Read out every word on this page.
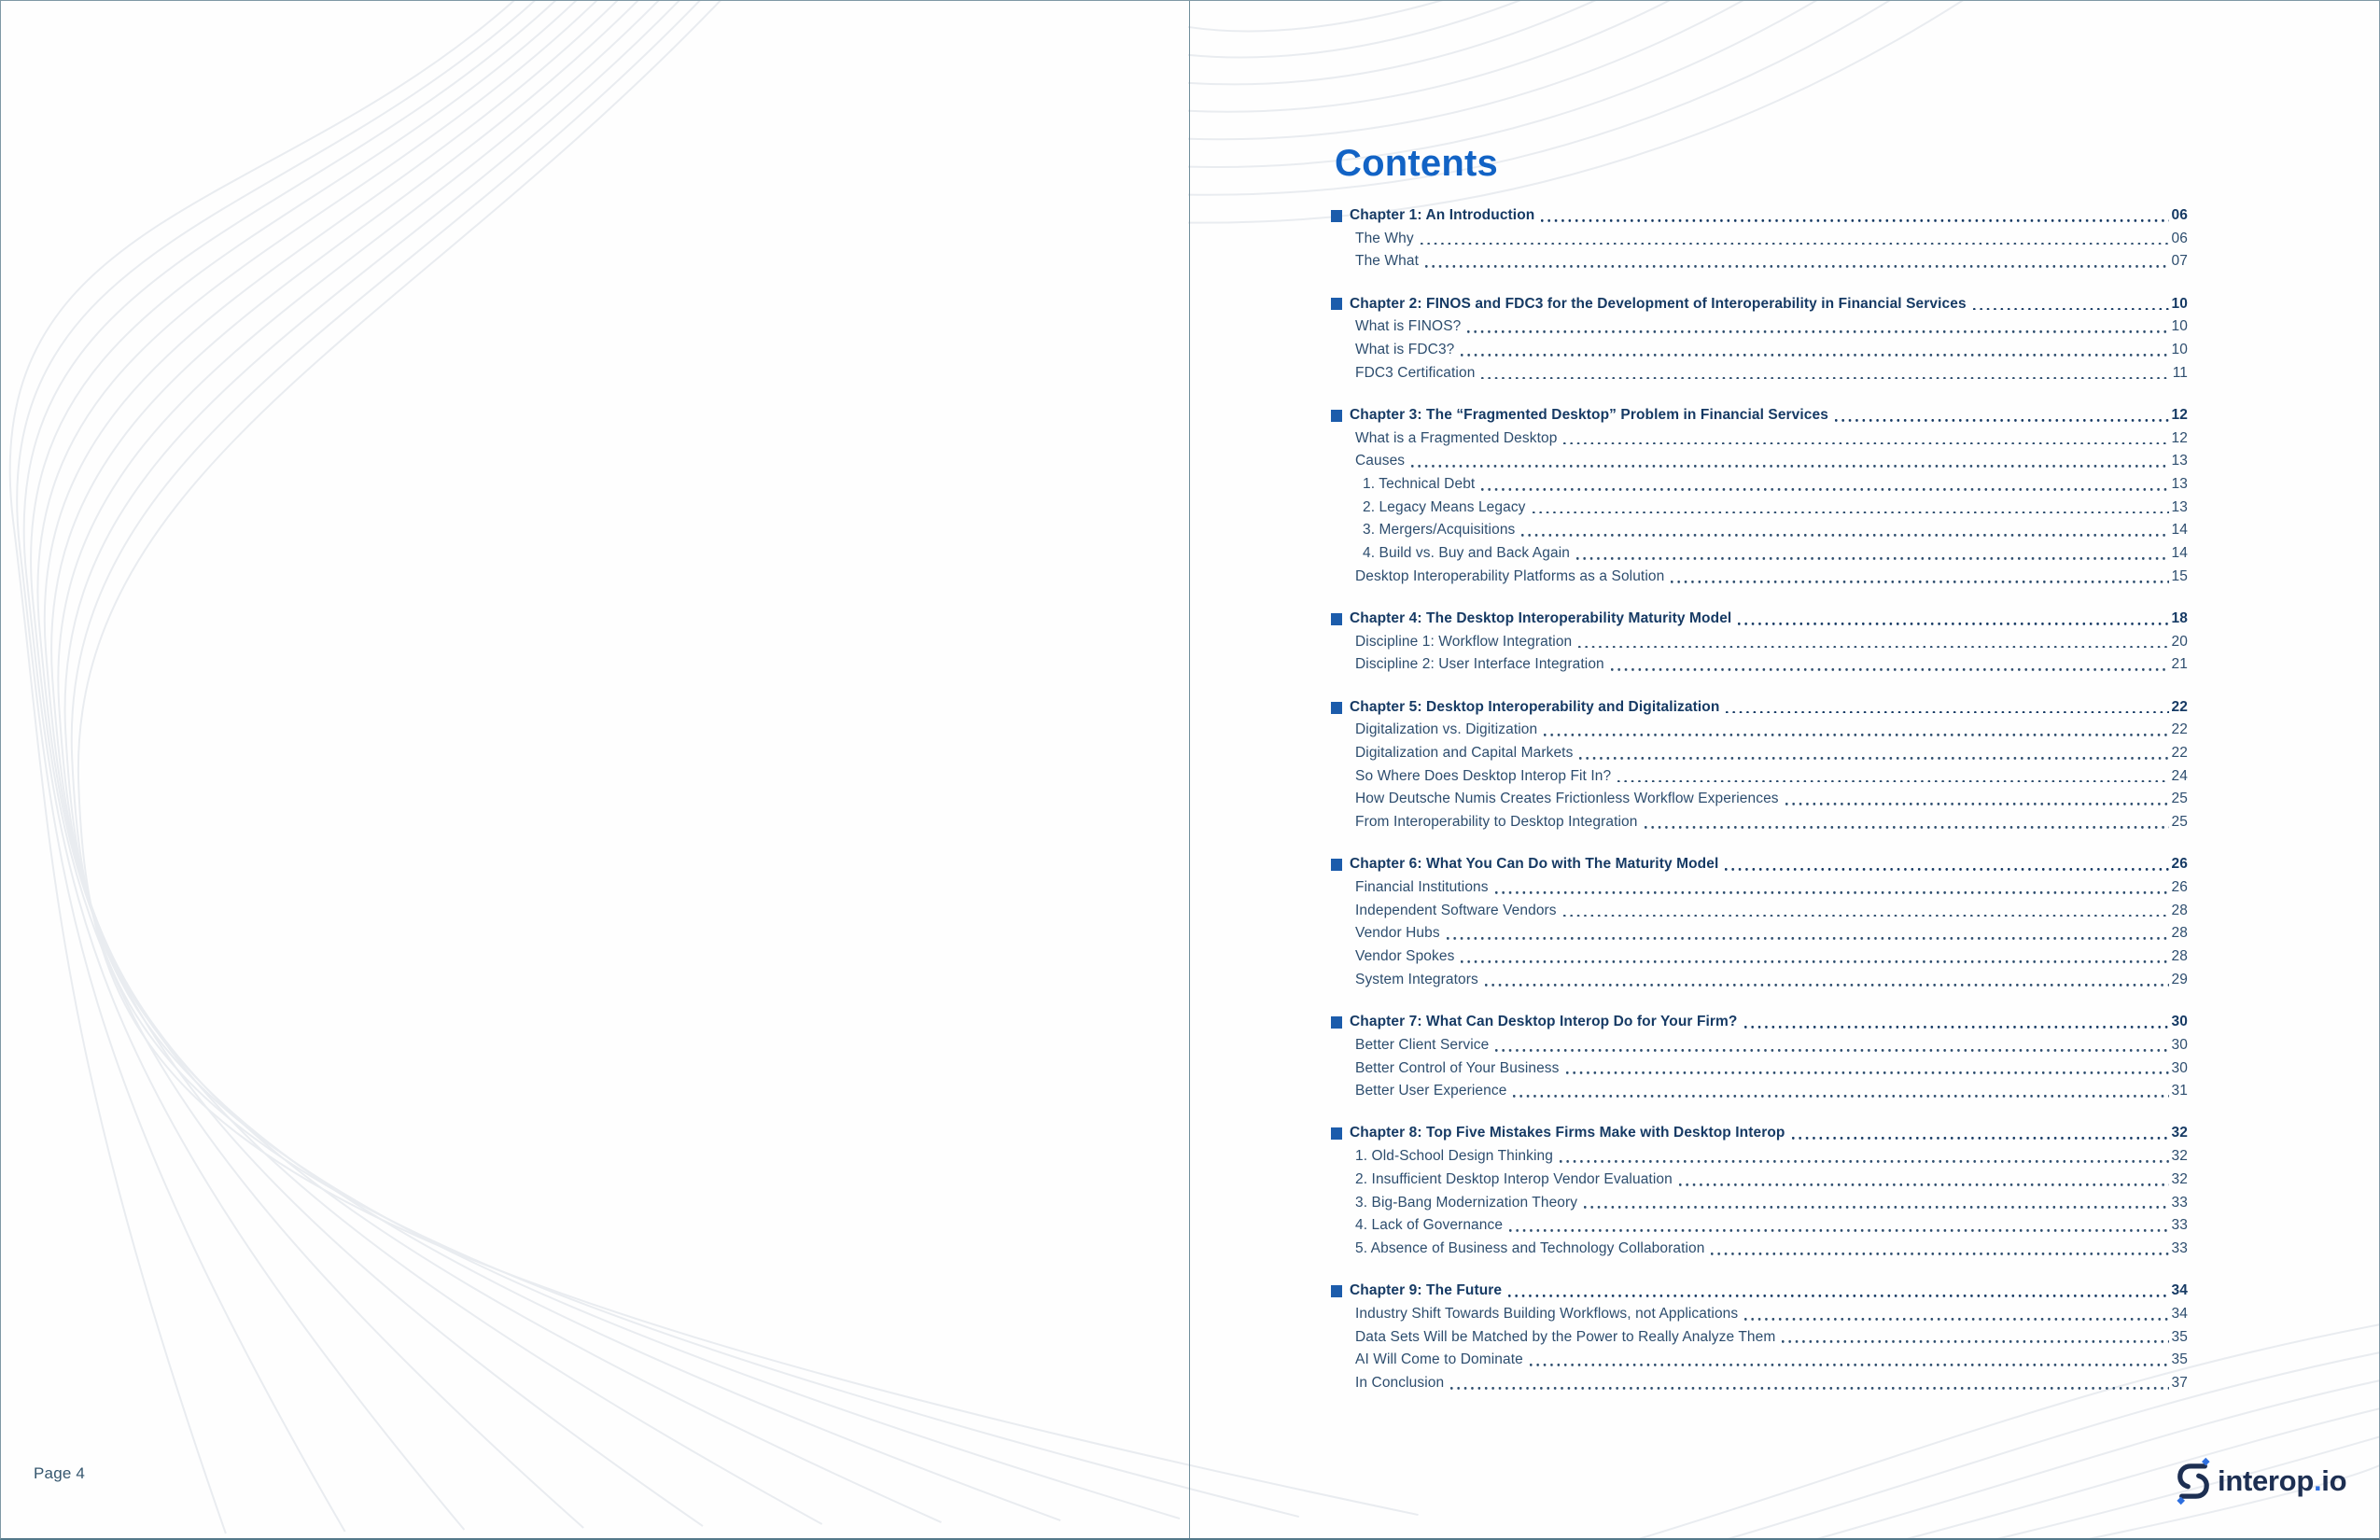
Page 4
Contents
Chapter 1: An Introduction	06
The Why	06
The What	07
Chapter 2: FINOS and FDC3 for the Development of Interoperability in Financial Services	10
What is FINOS?	10
What is FDC3?	10
FDC3 Certification	11
Chapter 3: The “Fragmented Desktop” Problem in Financial Services	12
What is a Fragmented Desktop	12
Causes	13
1. Technical Debt	13
2. Legacy Means Legacy	13
3. Mergers/Acquisitions	14
4. Build vs. Buy and Back Again	14
Desktop Interoperability Platforms as a Solution	15
Chapter 4: The Desktop Interoperability Maturity Model	18
Discipline 1: Workflow Integration	20
Discipline 2: User Interface Integration	21
Chapter 5: Desktop Interoperability and Digitalization	22
Digitalization vs. Digitization	22
Digitalization and Capital Markets	22
So Where Does Desktop Interop Fit In?	24
How Deutsche Numis Creates Frictionless Workflow Experiences	25
From Interoperability to Desktop Integration	25
Chapter 6: What You Can Do with The Maturity Model	26
Financial Institutions	26
Independent Software Vendors	28
Vendor Hubs	28
Vendor Spokes	28
System Integrators	29
Chapter 7: What Can Desktop Interop Do for Your Firm?	30
Better Client Service	30
Better Control of Your Business	30
Better User Experience	31
Chapter 8: Top Five Mistakes Firms Make with Desktop Interop	32
1. Old-School Design Thinking	32
2. Insufficient Desktop Interop Vendor Evaluation	32
3. Big-Bang Modernization Theory	33
4. Lack of Governance	33
5. Absence of Business and Technology Collaboration	33
Chapter 9: The Future	34
Industry Shift Towards Building Workflows, not Applications	34
Data Sets Will be Matched by the Power to Really Analyze Them	35
AI Will Come to Dominate	35
In Conclusion	37
interop.io
